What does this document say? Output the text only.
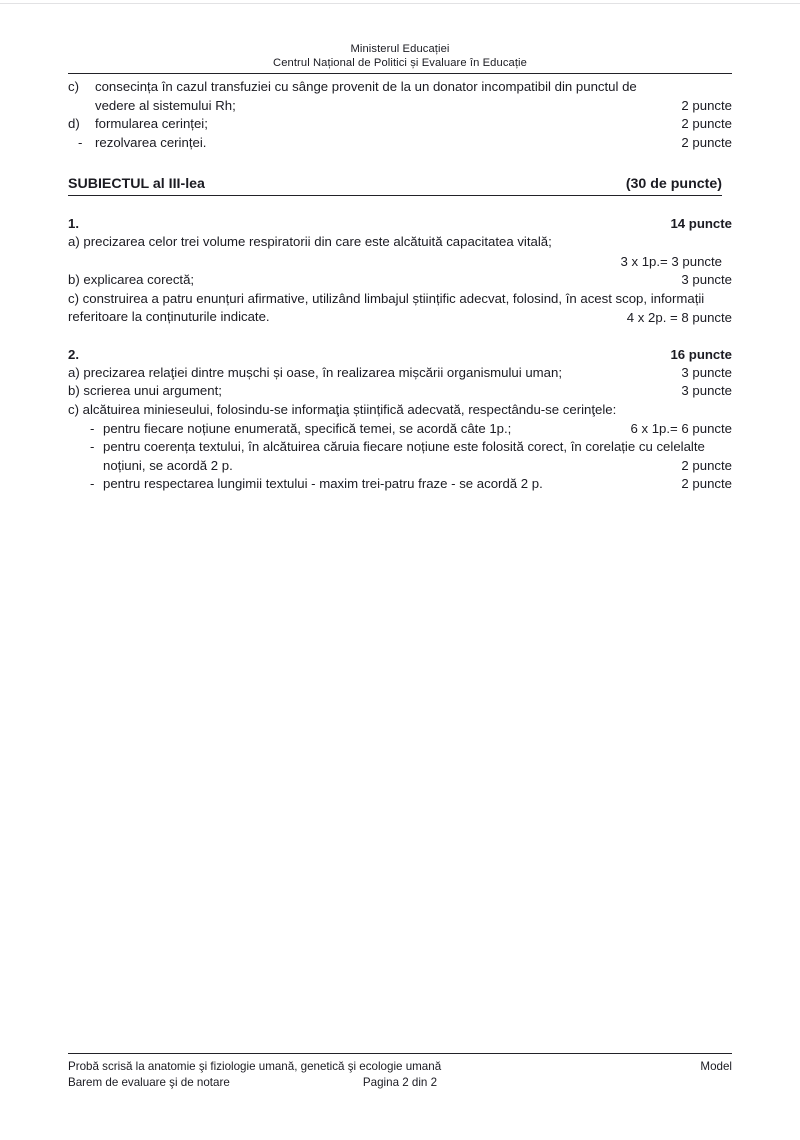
Ministerul Educației
Centrul Național de Politici și Evaluare în Educație
c) consecința în cazul transfuziei cu sânge provenit de la un donator incompatibil din punctul de vedere al sistemului Rh;	2 puncte
d) formularea cerinței;	2 puncte
- rezolvarea cerinței.	2 puncte
SUBIECTUL al III-lea	(30 de puncte)
1.	14 puncte
a) precizarea celor trei volume respiratorii din care este alcătuită capacitatea vitală;
3 x 1p.= 3 puncte
b) explicarea corectă;	3 puncte
c) construirea a patru enunțuri afirmative, utilizând limbajul științific adecvat, folosind, în acest scop, informații referitoare la conținuturile indicate.	4 x 2p. = 8 puncte
2.	16 puncte
a) precizarea relaţiei dintre mușchi și oase, în realizarea mișcării organismului uman;	3 puncte
b) scrierea unui argument;	3 puncte
c) alcătuirea minieseului, folosindu-se informaţia științifică adecvată, respectându-se cerinţele:
- pentru fiecare noțiune enumerată, specifică temei, se acordă câte 1p.;	6 x 1p.= 6 puncte
- pentru coerența textului, în alcătuirea căruia fiecare noțiune este folosită corect, în corelație cu celelalte noțiuni, se acordă 2 p.	2 puncte
- pentru respectarea lungimii textului - maxim trei-patru fraze - se acordă 2 p.	2 puncte
Probă scrisă la anatomie şi fiziologie umană, genetică şi ecologie umană
Barem de evaluare şi de notare
Model
Pagina 2 din 2
